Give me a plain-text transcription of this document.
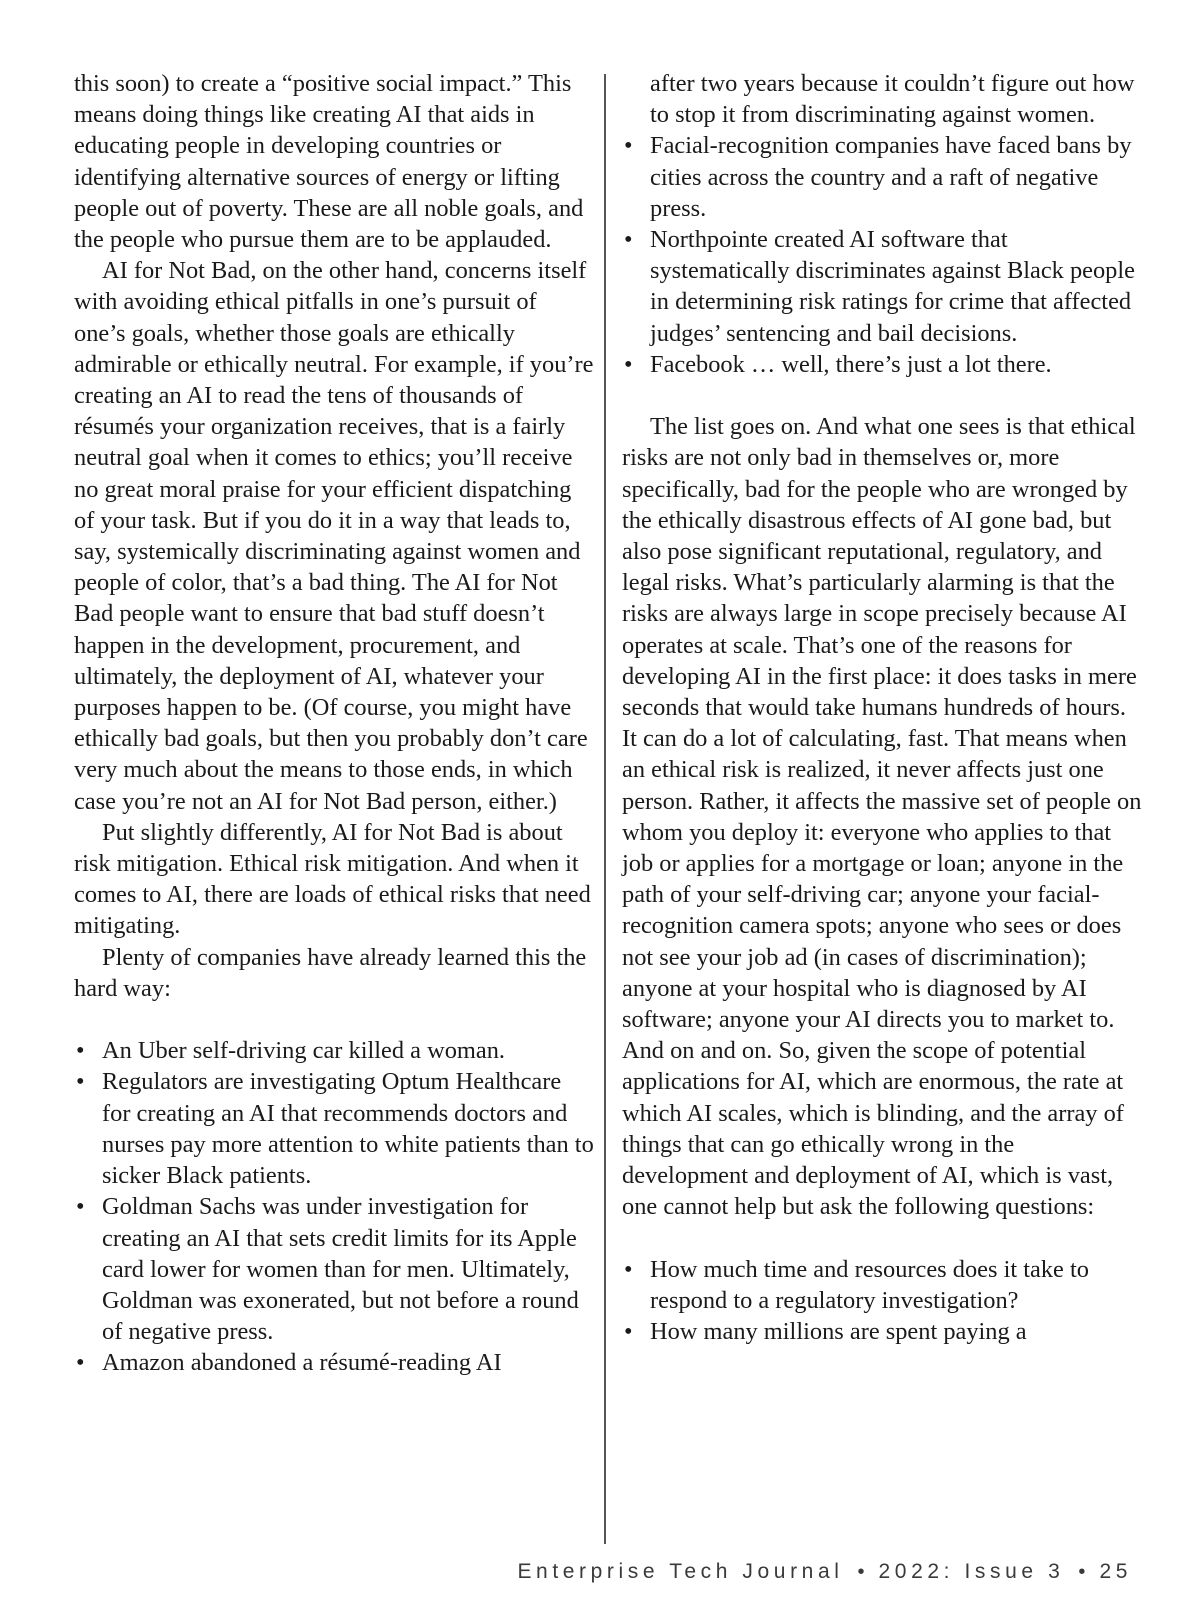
this soon) to create a “positive social impact.” This means doing things like creating AI that aids in educating people in developing countries or identifying alternative sources of energy or lifting people out of poverty. These are all noble goals, and the people who pursue them are to be applauded.

AI for Not Bad, on the other hand, concerns itself with avoiding ethical pitfalls in one’s pursuit of one’s goals, whether those goals are ethically admirable or ethically neutral. For example, if you’re creating an AI to read the tens of thousands of résumés your organization receives, that is a fairly neutral goal when it comes to ethics; you’ll receive no great moral praise for your efficient dispatching of your task. But if you do it in a way that leads to, say, systemically discriminating against women and people of color, that’s a bad thing. The AI for Not Bad people want to ensure that bad stuff doesn’t happen in the development, procurement, and ultimately, the deployment of AI, whatever your purposes happen to be. (Of course, you might have ethically bad goals, but then you probably don’t care very much about the means to those ends, in which case you’re not an AI for Not Bad person, either.)

Put slightly differently, AI for Not Bad is about risk mitigation. Ethical risk mitigation. And when it comes to AI, there are loads of ethical risks that need mitigating.

Plenty of companies have already learned this the hard way:

• An Uber self-driving car killed a woman.
• Regulators are investigating Optum Healthcare for creating an AI that recommends doctors and nurses pay more attention to white patients than to sicker Black patients.
• Goldman Sachs was under investigation for creating an AI that sets credit limits for its Apple card lower for women than for men. Ultimately, Goldman was exonerated, but not before a round of negative press.
• Amazon abandoned a résumé-reading AI
after two years because it couldn’t figure out how to stop it from discriminating against women.
• Facial-recognition companies have faced bans by cities across the country and a raft of negative press.
• Northpointe created AI software that systematically discriminates against Black people in determining risk ratings for crime that affected judges’ sentencing and bail decisions.
• Facebook … well, there’s just a lot there.

The list goes on. And what one sees is that ethical risks are not only bad in themselves or, more specifically, bad for the people who are wronged by the ethically disastrous effects of AI gone bad, but also pose significant reputational, regulatory, and legal risks. What’s particularly alarming is that the risks are always large in scope precisely because AI operates at scale. That’s one of the reasons for developing AI in the first place: it does tasks in mere seconds that would take humans hundreds of hours. It can do a lot of calculating, fast. That means when an ethical risk is realized, it never affects just one person. Rather, it affects the massive set of people on whom you deploy it: everyone who applies to that job or applies for a mortgage or loan; anyone in the path of your self-driving car; anyone your facial-recognition camera spots; anyone who sees or does not see your job ad (in cases of discrimination); anyone at your hospital who is diagnosed by AI software; anyone your AI directs you to market to. And on and on. So, given the scope of potential applications for AI, which are enormous, the rate at which AI scales, which is blinding, and the array of things that can go ethically wrong in the development and deployment of AI, which is vast, one cannot help but ask the following questions:

• How much time and resources does it take to respond to a regulatory investigation?
• How many millions are spent paying a
Enterprise Tech Journal • 2022: Issue 3 • 25
